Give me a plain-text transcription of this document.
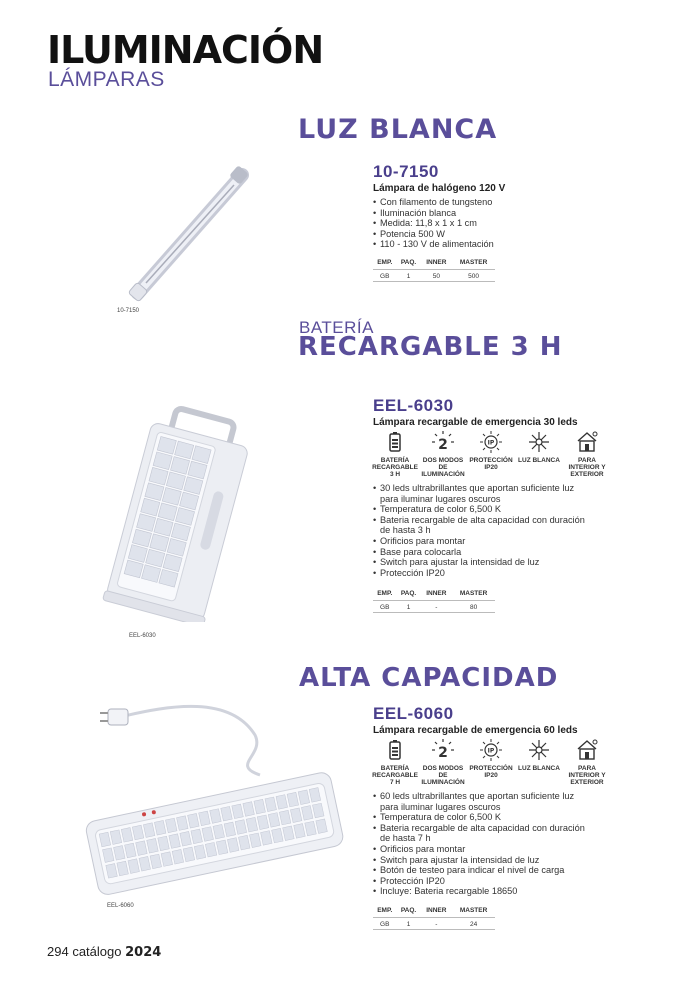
ILUMINACIÓN
LÁMPARAS
LUZ BLANCA
10-7150
10-7150
Lámpara de halógeno 120 V
• Con filamento de tungsteno
• Iluminación blanca
• Medida: 11,8 x 1 x 1 cm
• Potencia 500 W
• 110 - 130 V de alimentación
EMP.	PAQ.	INNER	MASTER
GB	1	50	500
BATERÍA
RECARGABLE 3 H
EEL-6030
EEL-6030
Lámpara recargable de emergencia 30 leds
BATERÍA RECARGABLE 3 H
2
DOS MODOS DE ILUMINACIÓN
IP
PROTECCIÓN IP20
LUZ BLANCA	PARA INTERIOR Y EXTERIOR
• 30 leds ultrabrillantes que aportan suficiente luz para iluminar lugares oscuros
• Temperatura de color 6,500 K
• Bateria recargable de alta capacidad con duración de hasta 3 h
• Orificios para montar
• Base para colocarla
• Switch para ajustar la intensidad de luz
• Protección IP20
EMP.	PAQ.	INNER	MASTER
GB	1	-	80
ALTA CAPACIDAD
EEL-6060
EEL-6060
Lámpara recargable de emergencia 60 leds
BATERÍA RECARGABLE 7 H
2
DOS MODOS DE ILUMINACIÓN
IP
PROTECCIÓN IP20
LUZ BLANCA	PARA INTERIOR Y EXTERIOR
• 60 leds ultrabrillantes que aportan suficiente luz para iluminar lugares oscuros
• Temperatura de color 6,500 K
• Bateria recargable de alta capacidad con duración de hasta 7 h
• Orificios para montar
• Switch para ajustar la intensidad de luz
• Botón de testeo para indicar el nivel de carga
• Protección IP20
• Incluye: Bateria recargable 18650
EMP.	PAQ.	INNER	MASTER
GB	1	-	24
294 catálogo 2024
